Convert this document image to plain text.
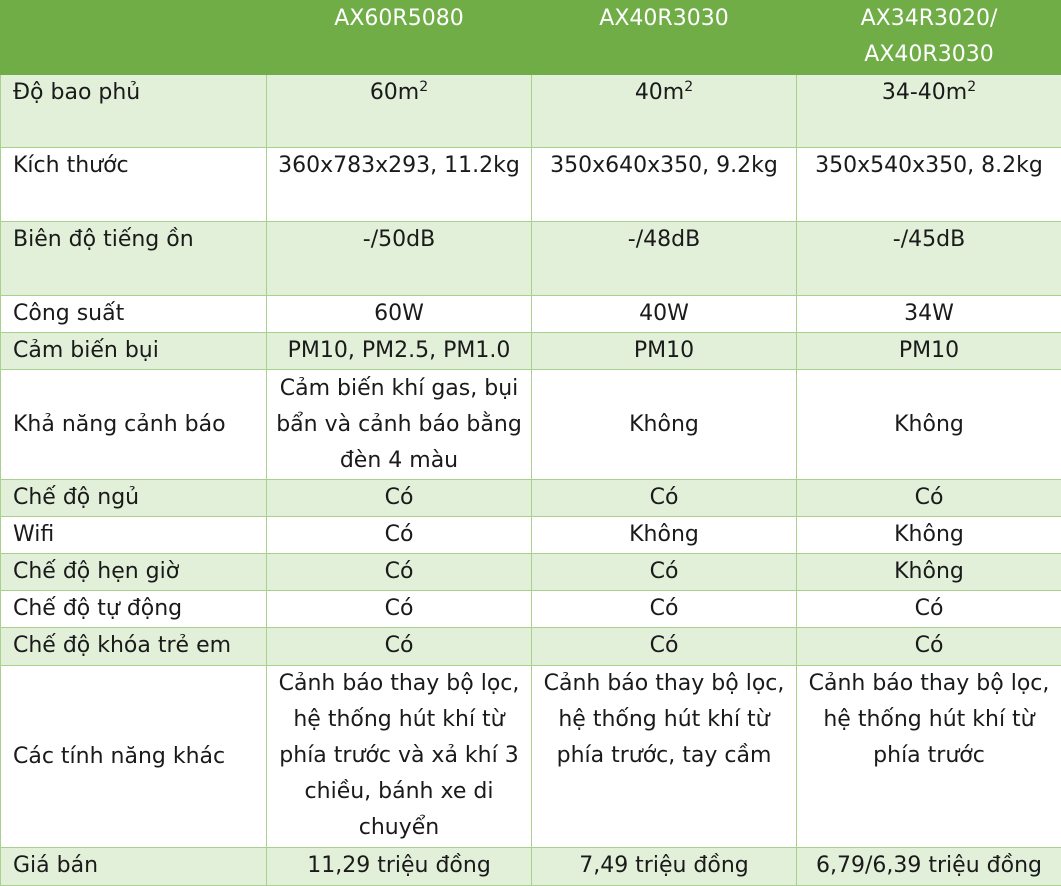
	AX60R5080	AX40R3030	AX34R3020/
AX40R3030
Độ bao phủ	$60m^2$	$40m^2$	$34-40m^2$
Kích thước	360x783x293, 11.2kg	350x640x350, 9.2kg	350x540x350, 8.2kg
Biên độ tiếng ồn	-/50dB	-/48dB	-/45dB
Công suất	60W	40W	34W
Cảm biến bụi	PM10, PM2.5, PM1.0	PM10	PM10
Khả năng cảnh báo	Cảm biến khí gas, bụi bẩn và cảnh báo bằng đèn 4 màu	Không	Không
Chế độ ngủ	Có	Có	Có
Wifi	Có	Không	Không
Chế độ hẹn giờ	Có	Có	Không
Chế độ tự động	Có	Có	Có
Chế độ khóa trẻ em	Có	Có	Có
Các tính năng khác	Cảnh báo thay bộ lọc, hệ thống hút khí từ phía trước và xả khí 3 chiều, bánh xe di chuyển	Cảnh báo thay bộ lọc, hệ thống hút khí từ phía trước, tay cầm	Cảnh báo thay bộ lọc, hệ thống hút khí từ phía trước
Giá bán	11,29 triệu đồng	7,49 triệu đồng	6,79/6,39 triệu đồng
